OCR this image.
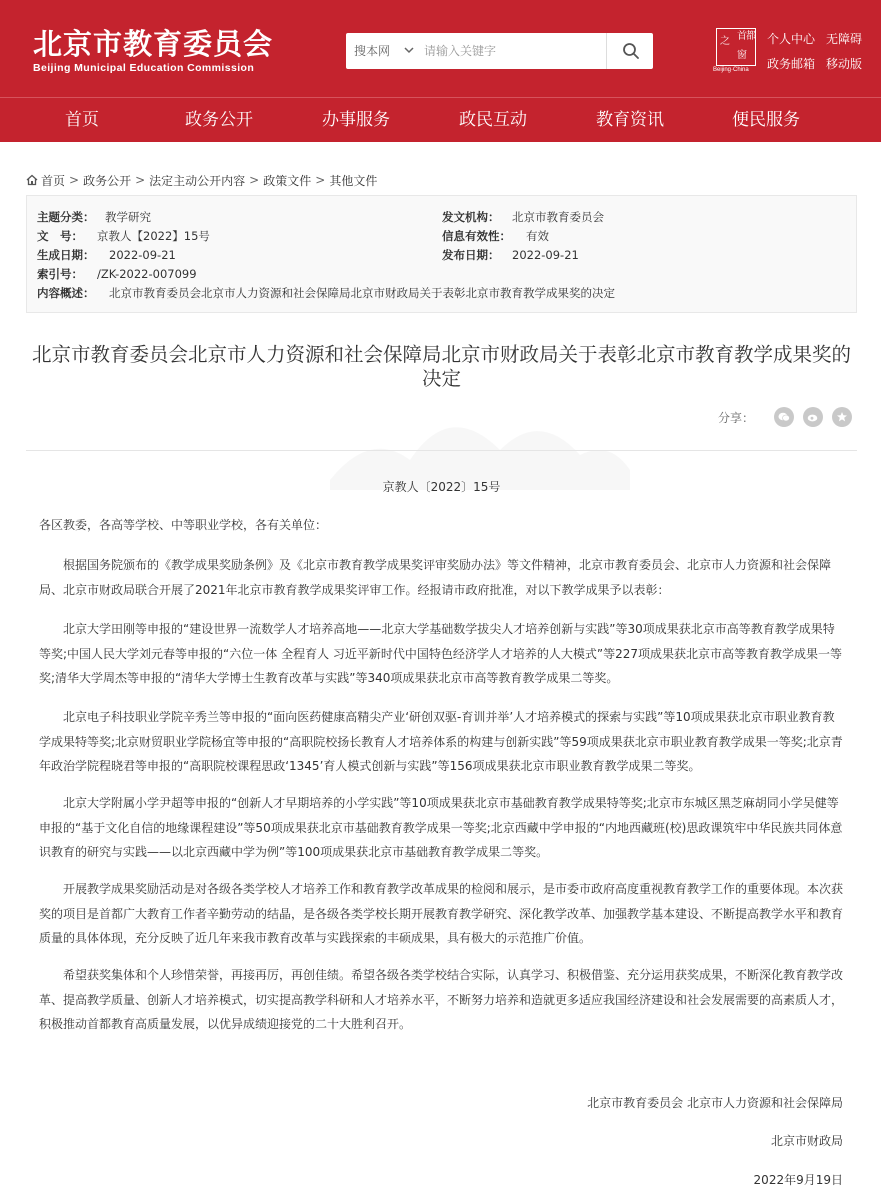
北京市教育委员会
Beijing Municipal Education Commission
搜本网
请输入关键字
首 都
之
窗
Beijing·China
个人中心 无障碍
政务邮箱 移动版
首页	政务公开	办事服务	政民互动	教育资讯	便民服务
首页 > 政务公开 > 法定主动公开内容 > 政策文件 > 其他文件
主题分类： 教学研究	发文机构： 北京市教育委员会
文　号： 京教人【2022】15号	信息有效性： 有效
生成日期： 2022-09-21	发布日期： 2022-09-21
索引号： /ZK-2022-007099
内容概述： 北京市教育委员会北京市人力资源和社会保障局北京市财政局关于表彰北京市教育教学成果奖的决定
北京市教育委员会北京市人力资源和社会保障局北京市财政局关于表彰北京市教育教学成果奖的决定
分享：
京教人〔2022〕15号
各区教委，各高等学校、中等职业学校，各有关单位：
根据国务院颁布的《教学成果奖励条例》及《北京市教育教学成果奖评审奖励办法》等文件精神，北京市教育委员会、北京市人力资源和社会保障局、北京市财政局联合开展了2021年北京市教育教学成果奖评审工作。经报请市政府批准，对以下教学成果予以表彰：
北京大学田刚等申报的“建设世界一流数学人才培养高地——北京大学基础数学拔尖人才培养创新与实践”等30项成果获北京市高等教育教学成果特等奖;中国人民大学刘元春等申报的“六位一体 全程育人 习近平新时代中国特色经济学人才培养的人大模式”等227项成果获北京市高等教育教学成果一等奖;清华大学周杰等申报的“清华大学博士生教育改革与实践”等340项成果获北京市高等教育教学成果二等奖。
北京电子科技职业学院辛秀兰等申报的“面向医药健康高精尖产业‘研创双驱-育训并举’人才培养模式的探索与实践”等10项成果获北京市职业教育教学成果特等奖;北京财贸职业学院杨宜等申报的“高职院校扬长教育人才培养体系的构建与创新实践”等59项成果获北京市职业教育教学成果一等奖;北京青年政治学院程晓君等申报的“高职院校课程思政‘1345’育人模式创新与实践”等156项成果获北京市职业教育教学成果二等奖。
北京大学附属小学尹超等申报的“创新人才早期培养的小学实践”等10项成果获北京市基础教育教学成果特等奖;北京市东城区黑芝麻胡同小学吴健等申报的“基于文化自信的地缘课程建设”等50项成果获北京市基础教育教学成果一等奖;北京西藏中学申报的“内地西藏班(校)思政课筑牢中华民族共同体意识教育的研究与实践——以北京西藏中学为例”等100项成果获北京市基础教育教学成果二等奖。
开展教学成果奖励活动是对各级各类学校人才培养工作和教育教学改革成果的检阅和展示，是市委市政府高度重视教育教学工作的重要体现。本次获奖的项目是首都广大教育工作者辛勤劳动的结晶，是各级各类学校长期开展教育教学研究、深化教学改革、加强教学基本建设、不断提高教学水平和教育质量的具体体现，充分反映了近几年来我市教育改革与实践探索的丰硕成果，具有极大的示范推广价值。
希望获奖集体和个人珍惜荣誉，再接再厉，再创佳绩。希望各级各类学校结合实际，认真学习、积极借鉴、充分运用获奖成果，不断深化教育教学改革、提高教学质量、创新人才培养模式，切实提高教学科研和人才培养水平，不断努力培养和造就更多适应我国经济建设和社会发展需要的高素质人才，积极推动首都教育高质量发展，以优异成绩迎接党的二十大胜利召开。
北京市教育委员会 北京市人力资源和社会保障局
北京市财政局
2022年9月19日
